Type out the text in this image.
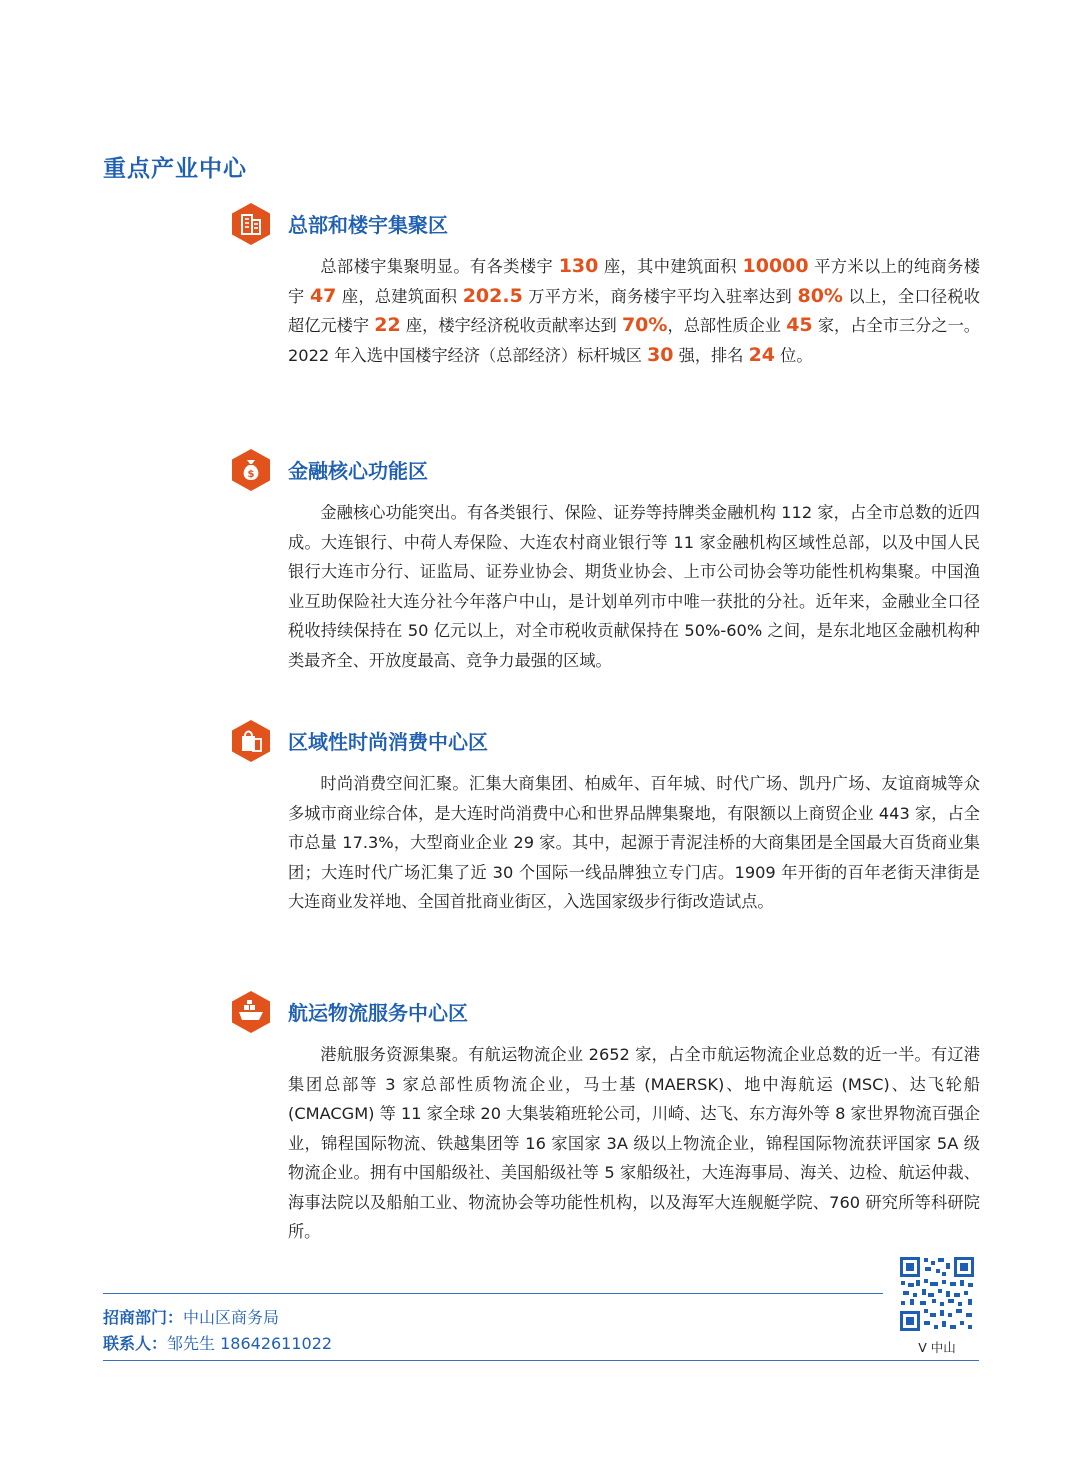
重点产业中心
总部和楼宇集聚区
总部楼宇集聚明显。有各类楼宇 130 座，其中建筑面积 10000 平方米以上的纯商务楼宇 47 座，总建筑面积 202.5 万平方米，商务楼宇平均入驻率达到 80% 以上，全口径税收超亿元楼宇 22 座，楼宇经济税收贡献率达到 70%，总部性质企业 45 家，占全市三分之一。2022 年入选中国楼宇经济（总部经济）标杆城区 30 强，排名 24 位。
$ 金融核心功能区
金融核心功能突出。有各类银行、保险、证券等持牌类金融机构 112 家，占全市总数的近四成。大连银行、中荷人寿保险、大连农村商业银行等 11 家金融机构区域性总部，以及中国人民银行大连市分行、证监局、证券业协会、期货业协会、上市公司协会等功能性机构集聚。中国渔业互助保险社大连分社今年落户中山，是计划单列市中唯一获批的分社。近年来，金融业全口径税收持续保持在 50 亿元以上，对全市税收贡献保持在 50%-60% 之间，是东北地区金融机构种类最齐全、开放度最高、竞争力最强的区域。
区域性时尚消费中心区
时尚消费空间汇聚。汇集大商集团、柏威年、百年城、时代广场、凯丹广场、友谊商城等众多城市商业综合体，是大连时尚消费中心和世界品牌集聚地，有限额以上商贸企业 443 家，占全市总量 17.3%，大型商业企业 29 家。其中，起源于青泥洼桥的大商集团是全国最大百货商业集团；大连时代广场汇集了近 30 个国际一线品牌独立专门店。1909 年开街的百年老街天津街是大连商业发祥地、全国首批商业街区，入选国家级步行街改造试点。
航运物流服务中心区
港航服务资源集聚。有航运物流企业 2652 家，占全市航运物流企业总数的近一半。有辽港集团总部等 3 家总部性质物流企业，马士基 (MAERSK)、地中海航运 (MSC)、达飞轮船 (CMACGM) 等 11 家全球 20 大集装箱班轮公司，川崎、达飞、东方海外等 8 家世界物流百强企业，锦程国际物流、铁越集团等 16 家国家 3A 级以上物流企业，锦程国际物流获评国家 5A 级物流企业。拥有中国船级社、美国船级社等 5 家船级社，大连海事局、海关、边检、航运仲裁、海事法院以及船舶工业、物流协会等功能性机构，以及海军大连舰艇学院、760 研究所等科研院所。
招商部门：中山区商务局
联系人：邹先生 18642611022	V 中山
